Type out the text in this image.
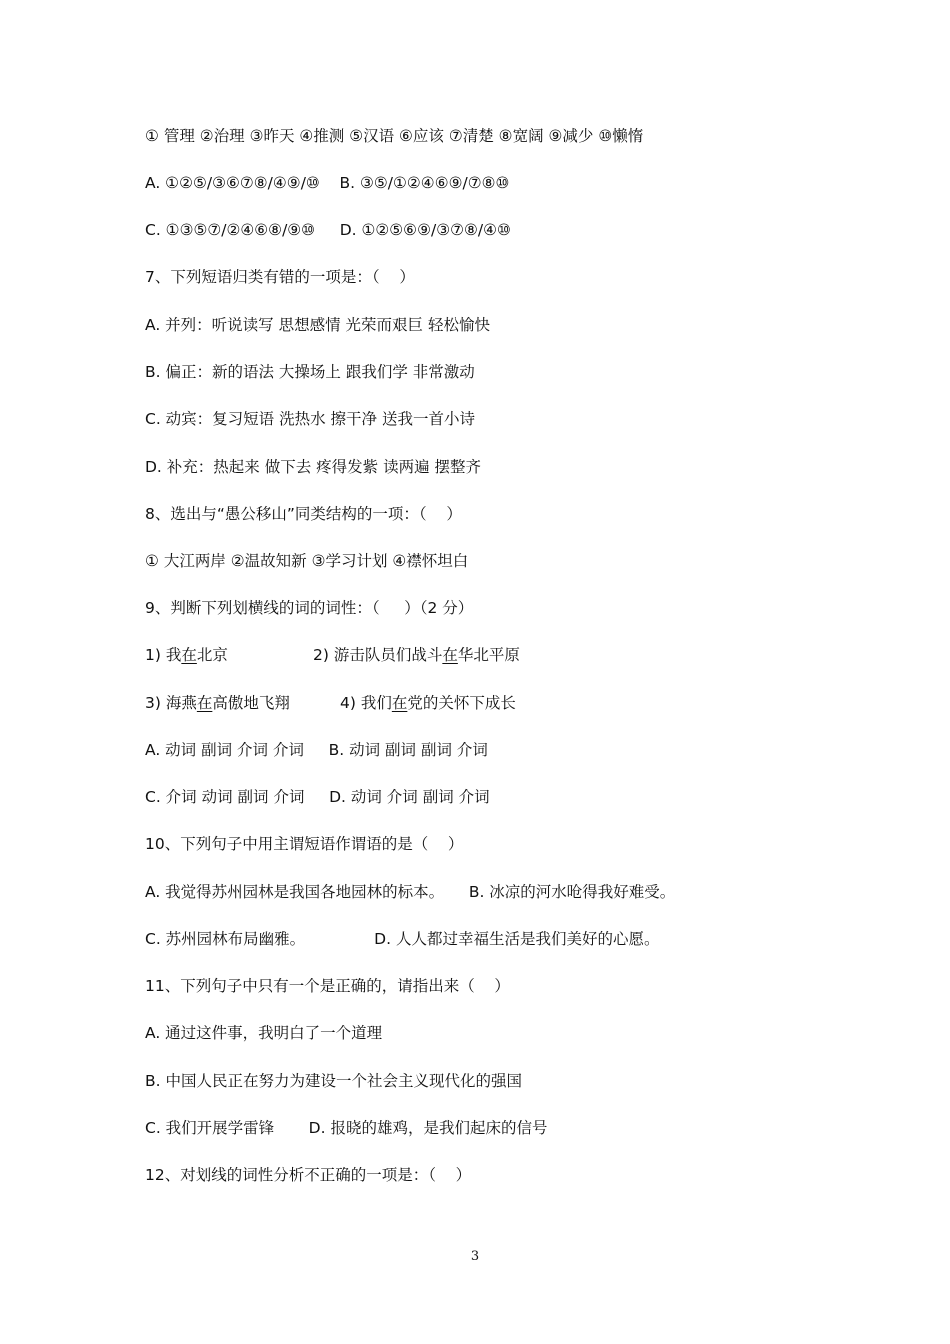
① 管理 ②治理 ③昨天 ④推测 ⑤汉语 ⑥应该 ⑦清楚 ⑧宽阔 ⑨减少 ⑩懒惰
A. ①②⑤/③⑥⑦⑧/④⑨/⑩    B. ③⑤/①②④⑥⑨/⑦⑧⑩
C. ①③⑤⑦/②④⑥⑧/⑨⑩     D. ①②⑤⑥⑨/③⑦⑧/④⑩
7、下列短语归类有错的一项是：（    ）
A. 并列：听说读写 思想感情 光荣而艰巨 轻松愉快
B. 偏正：新的语法 大操场上 跟我们学 非常激动
C. 动宾：复习短语 洗热水 擦干净 送我一首小诗
D. 补充：热起来 做下去 疼得发紫 读两遍 摆整齐
8、选出与“愚公移山”同类结构的一项：（    ）
① 大江两岸 ②温故知新 ③学习计划 ④襟怀坦白
9、判断下列划横线的词的词性：（     ）（2 分）
1) 我在北京	2) 游击队员们战斗在华北平原
3) 海燕在高傲地飞翔	4) 我们在党的关怀下成长
A. 动词 副词 介词 介词     B. 动词 副词 副词 介词
C. 介词 动词 副词 介词     D. 动词 介词 副词 介词
10、下列句子中用主谓短语作谓语的是（    ）
A. 我觉得苏州园林是我国各地园林的标本。     B. 冰凉的河水呛得我好难受。
C. 苏州园林布局幽雅。              D. 人人都过幸福生活是我们美好的心愿。
11、下列句子中只有一个是正确的，请指出来（    ）
A. 通过这件事，我明白了一个道理
B. 中国人民正在努力为建设一个社会主义现代化的强国
C. 我们开展学雷锋       D. 报晓的雄鸡，是我们起床的信号
12、对划线的词性分析不正确的一项是：（    ）
3
